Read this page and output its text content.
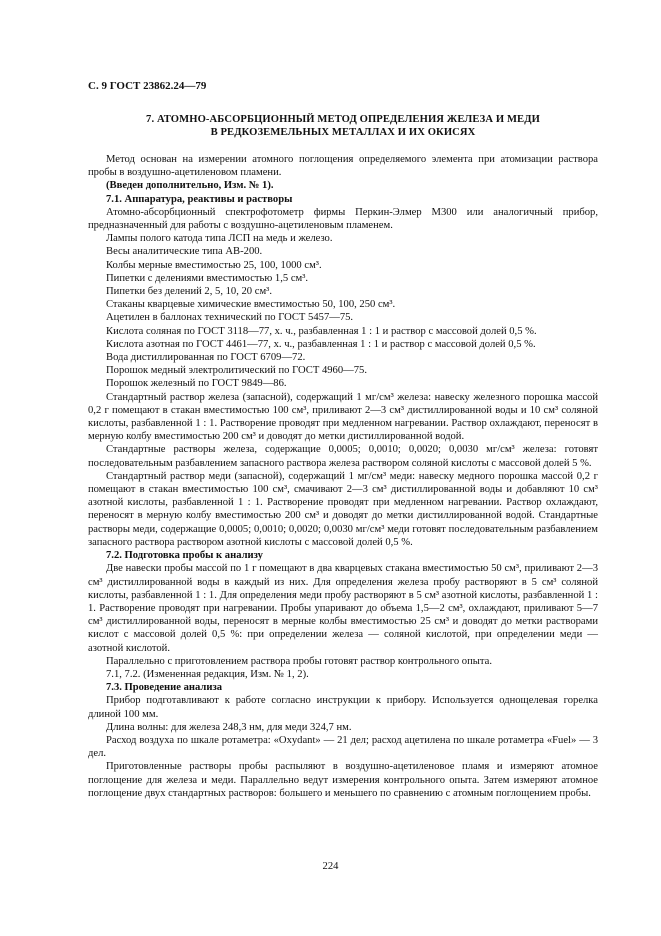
С. 9 ГОСТ 23862.24—79
7. АТОМНО-АБСОРБЦИОННЫЙ МЕТОД ОПРЕДЕЛЕНИЯ ЖЕЛЕЗА И МЕДИ
В РЕДКОЗЕМЕЛЬНЫХ МЕТАЛЛАХ И ИХ ОКИСЯХ

Метод основан на измерении атомного поглощения определяемого элемента при атомизации раствора пробы в воздушно-ацетиленовом пламени.

(Введен дополнительно, Изм. № 1).

7.1. Аппаратура, реактивы и растворы

Атомно-абсорбционный спектрофотометр фирмы Перкин-Элмер М300 или аналогичный прибор, предназначенный для работы с воздушно-ацетиленовым пламенем.

Лампы полого катода типа ЛСП на медь и железо.

Весы аналитические типа АВ-200.

Колбы мерные вместимостью 25, 100, 1000 см³.

Пипетки с делениями вместимостью 1,5 см³.

Пипетки без делений 2, 5, 10, 20 см³.

Стаканы кварцевые химические вместимостью 50, 100, 250 см³.

Ацетилен в баллонах технический по ГОСТ 5457—75.

Кислота соляная по ГОСТ 3118—77, х. ч., разбавленная 1 : 1 и раствор с массовой долей 0,5 %.

Кислота азотная по ГОСТ 4461—77, х. ч., разбавленная 1 : 1 и раствор с массовой долей 0,5 %.

Вода дистиллированная по ГОСТ 6709—72.

Порошок медный электролитический по ГОСТ 4960—75.

Порошок железный по ГОСТ 9849—86.

Стандартный раствор железа (запасной), содержащий 1 мг/см³ железа: навеску железного порошка массой 0,2 г помещают в стакан вместимостью 100 см³, приливают 2—3 см³ дистиллированной воды и 10 см³ соляной кислоты, разбавленной 1 : 1. Растворение проводят при медленном нагревании. Раствор охлаждают, переносят в мерную колбу вместимостью 200 см³ и доводят до метки дистиллированной водой.

Стандартные растворы железа, содержащие 0,0005; 0,0010; 0,0020; 0,0030 мг/см³ железа: готовят последовательным разбавлением запасного раствора железа раствором соляной кислоты с массовой долей 5 %.

Стандартный раствор меди (запасной), содержащий 1 мг/см³ меди: навеску медного порошка массой 0,2 г помещают в стакан вместимостью 100 см³, смачивают 2—3 см³ дистиллированной воды и добавляют 10 см³ азотной кислоты, разбавленной 1 : 1. Растворение проводят при медленном нагревании. Раствор охлаждают, переносят в мерную колбу вместимостью 200 см³ и доводят до метки дистиллированной водой. Стандартные растворы меди, содержащие 0,0005; 0,0010; 0,0020; 0,0030 мг/см³ меди готовят последовательным разбавлением запасного раствора раствором азотной кислоты с массовой долей 0,5 %.

7.2. Подготовка пробы к анализу

Две навески пробы массой по 1 г помещают в два кварцевых стакана вместимостью 50 см³, приливают 2—3 см³ дистиллированной воды в каждый из них. Для определения железа пробу растворяют в 5 см³ соляной кислоты, разбавленной 1 : 1. Для определения меди пробу растворяют в 5 см³ азотной кислоты, разбавленной 1 : 1. Растворение проводят при нагревании. Пробы упаривают до объема 1,5—2 см³, охлаждают, приливают 5—7 см³ дистиллированной воды, переносят в мерные колбы вместимостью 25 см³ и доводят до метки растворами кислот с массовой долей 0,5 %: при определении железа — соляной кислотой, при определении меди — азотной кислотой.

Параллельно с приготовлением раствора пробы готовят раствор контрольного опыта.

7.1, 7.2. (Измененная редакция, Изм. № 1, 2).

7.3. Проведение анализа

Прибор подготавливают к работе согласно инструкции к прибору. Используется однощелевая горелка длиной 100 мм.

Длина волны: для железа 248,3 нм, для меди 324,7 нм.

Расход воздуха по шкале ротаметра: «Oxydant» — 21 дел; расход ацетилена по шкале ротаметра «Fuel» — 3 дел.

Приготовленные растворы пробы распыляют в воздушно-ацетиленовое пламя и измеряют атомное поглощение для железа и меди. Параллельно ведут измерения контрольного опыта. Затем измеряют атомное поглощение двух стандартных растворов: большего и меньшего по сравнению с атомным поглощением пробы.

224
